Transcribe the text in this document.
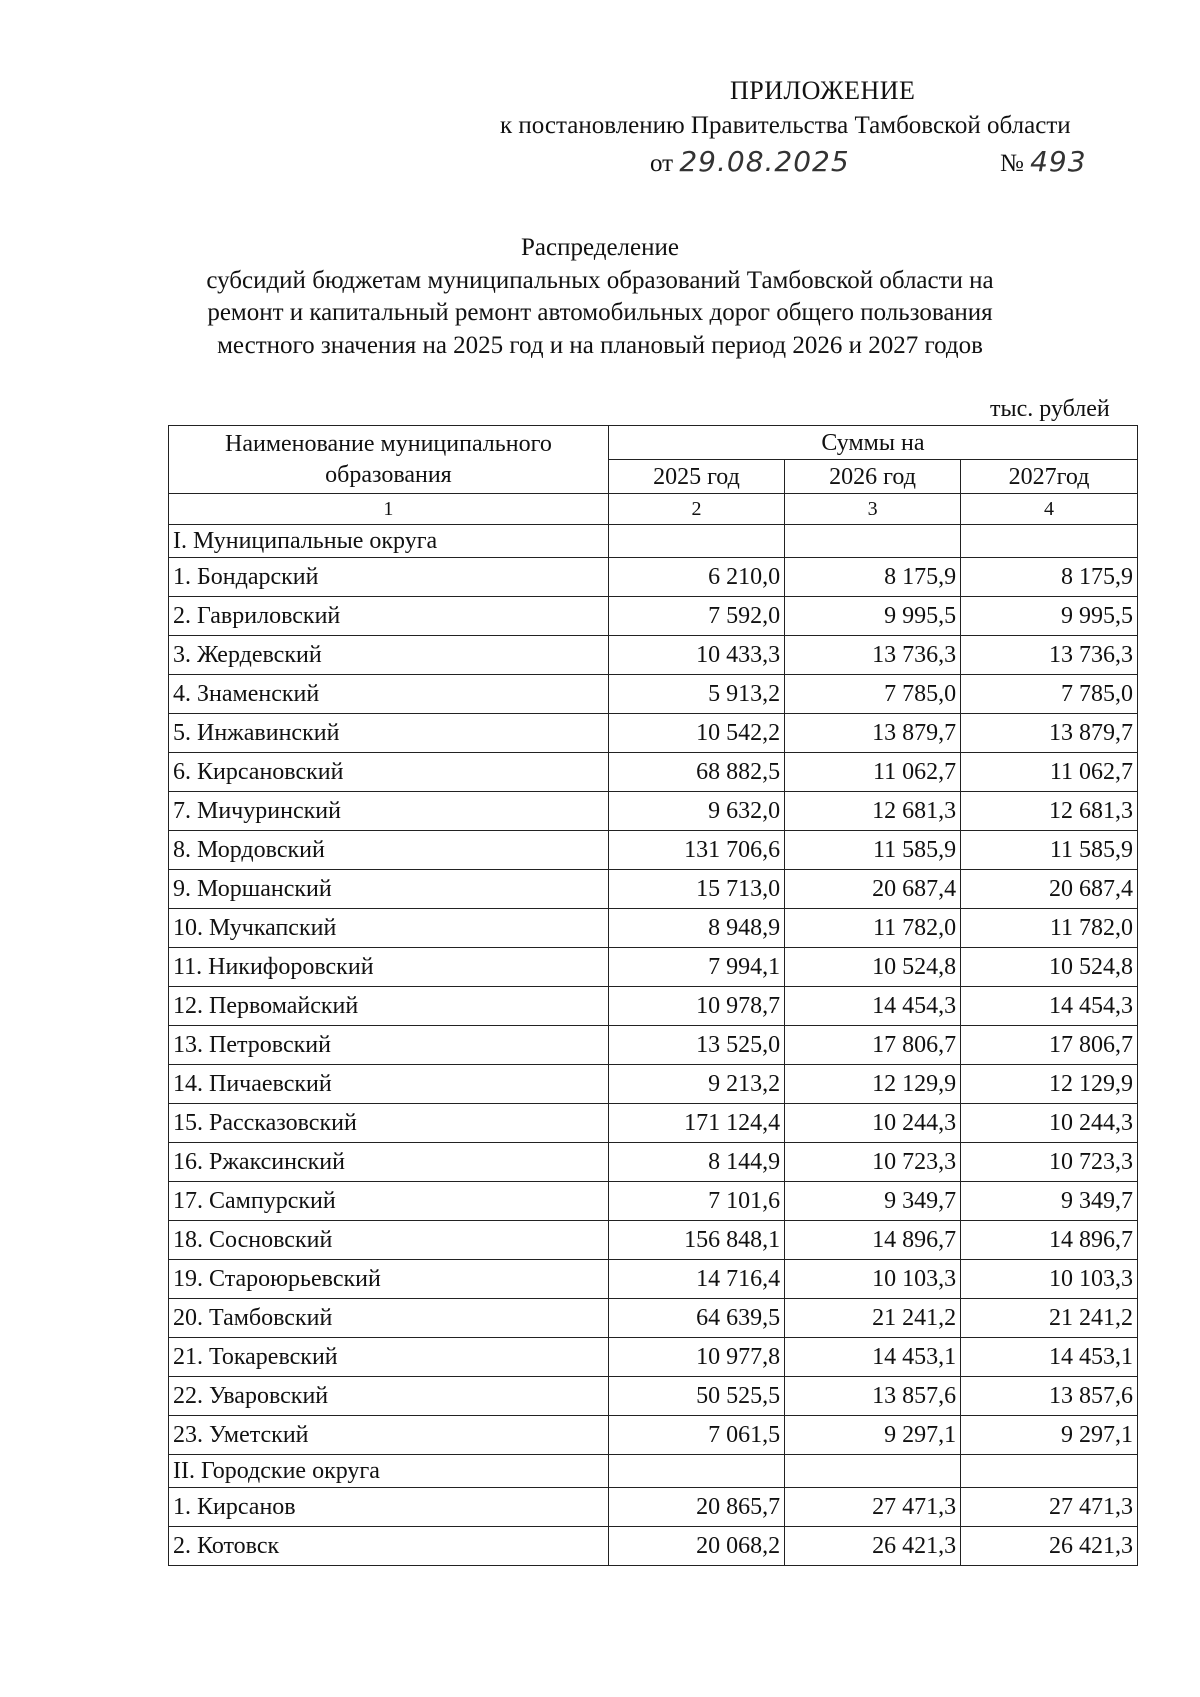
ПРИЛОЖЕНИЕ
к постановлению Правительства Тамбовской области
от 29.08.2025	№ 493
Распределение
субсидий бюджетам муниципальных образований Тамбовской области на
ремонт и капитальный ремонт автомобильных дорог общего пользования
местного значения на 2025 год и на плановый период 2026 и 2027 годов
тыс. рублей
Наименование муниципального образования	Суммы на		
	2025 год	2026 год	2027год
1	2	3	4
I. Муниципальные округа			
1. Бондарский	6 210,0	8 175,9	8 175,9
2. Гавриловский	7 592,0	9 995,5	9 995,5
3. Жердевский	10 433,3	13 736,3	13 736,3
4. Знаменский	5 913,2	7 785,0	7 785,0
5. Инжавинский	10 542,2	13 879,7	13 879,7
6. Кирсановский	68 882,5	11 062,7	11 062,7
7. Мичуринский	9 632,0	12 681,3	12 681,3
8. Мордовский	131 706,6	11 585,9	11 585,9
9. Моршанский	15 713,0	20 687,4	20 687,4
10. Мучкапский	8 948,9	11 782,0	11 782,0
11. Никифоровский	7 994,1	10 524,8	10 524,8
12. Первомайский	10 978,7	14 454,3	14 454,3
13. Петровский	13 525,0	17 806,7	17 806,7
14. Пичаевский	9 213,2	12 129,9	12 129,9
15. Рассказовский	171 124,4	10 244,3	10 244,3
16. Ржаксинский	8 144,9	10 723,3	10 723,3
17. Сампурский	7 101,6	9 349,7	9 349,7
18. Сосновский	156 848,1	14 896,7	14 896,7
19. Староюрьевский	14 716,4	10 103,3	10 103,3
20. Тамбовский	64 639,5	21 241,2	21 241,2
21. Токаревский	10 977,8	14 453,1	14 453,1
22. Уваровский	50 525,5	13 857,6	13 857,6
23. Уметский	7 061,5	9 297,1	9 297,1
II. Городские округа			
1. Кирсанов	20 865,7	27 471,3	27 471,3
2. Котовск	20 068,2	26 421,3	26 421,3
